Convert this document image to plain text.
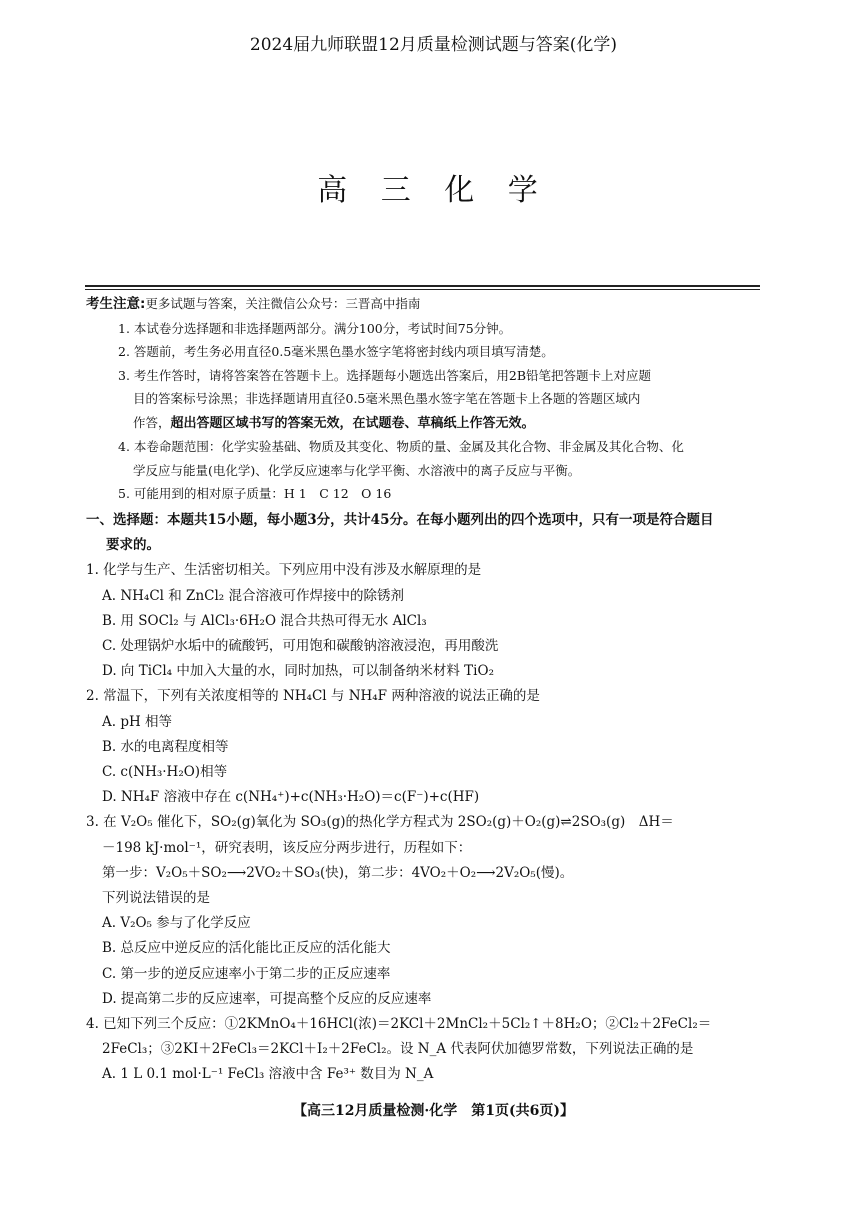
2024届九师联盟12月质量检测试题与答案(化学)
高 三 化 学
考生注意:更多试题与答案，关注微信公众号：三晋高中指南
1. 本试卷分选择题和非选择题两部分。满分100分，考试时间75分钟。
2. 答题前，考生务必用直径0.5毫米黑色墨水签字笔将密封线内项目填写清楚。
3. 考生作答时，请将答案答在答题卡上。选择题每小题选出答案后，用2B铅笔把答题卡上对应题
目的答案标号涂黑；非选择题请用直径0.5毫米黑色墨水签字笔在答题卡上各题的答题区域内
作答，超出答题区域书写的答案无效，在试题卷、草稿纸上作答无效。
4. 本卷命题范围：化学实验基础、物质及其变化、物质的量、金属及其化合物、非金属及其化合物、化
学反应与能量(电化学)、化学反应速率与化学平衡、水溶液中的离子反应与平衡。
5. 可能用到的相对原子质量：H 1　C 12　O 16
一、选择题：本题共15小题，每小题3分，共计45分。在每小题列出的四个选项中，只有一项是符合题目
要求的。
1. 化学与生产、生活密切相关。下列应用中没有涉及水解原理的是
A. NH₄Cl 和 ZnCl₂ 混合溶液可作焊接中的除锈剂
B. 用 SOCl₂ 与 AlCl₃·6H₂O 混合共热可得无水 AlCl₃
C. 处理锅炉水垢中的硫酸钙，可用饱和碳酸钠溶液浸泡，再用酸洗
D. 向 TiCl₄ 中加入大量的水，同时加热，可以制备纳米材料 TiO₂
2. 常温下，下列有关浓度相等的 NH₄Cl 与 NH₄F 两种溶液的说法正确的是
A. pH 相等
B. 水的电离程度相等
C. c(NH₃·H₂O)相等
D. NH₄F 溶液中存在 c(NH₄⁺)+c(NH₃·H₂O)＝c(F⁻)+c(HF)
3. 在 V₂O₅ 催化下，SO₂(g)氧化为 SO₃(g)的热化学方程式为 2SO₂(g)＋O₂(g)⇌2SO₃(g)　ΔH＝
－198 kJ·mol⁻¹，研究表明，该反应分两步进行，历程如下：
第一步：V₂O₅＋SO₂⟶2VO₂＋SO₃(快)，第二步：4VO₂＋O₂⟶2V₂O₅(慢)。
下列说法错误的是
A. V₂O₅ 参与了化学反应
B. 总反应中逆反应的活化能比正反应的活化能大
C. 第一步的逆反应速率小于第二步的正反应速率
D. 提高第二步的反应速率，可提高整个反应的反应速率
4. 已知下列三个反应：①2KMnO₄＋16HCl(浓)＝2KCl＋2MnCl₂＋5Cl₂↑＋8H₂O；②Cl₂＋2FeCl₂＝
2FeCl₃；③2KI＋2FeCl₃＝2KCl＋I₂＋2FeCl₂。设 N_A 代表阿伏加德罗常数，下列说法正确的是
A. 1 L 0.1 mol·L⁻¹ FeCl₃ 溶液中含 Fe³⁺ 数目为 N_A
【高三12月质量检测·化学　第1页(共6页)】
